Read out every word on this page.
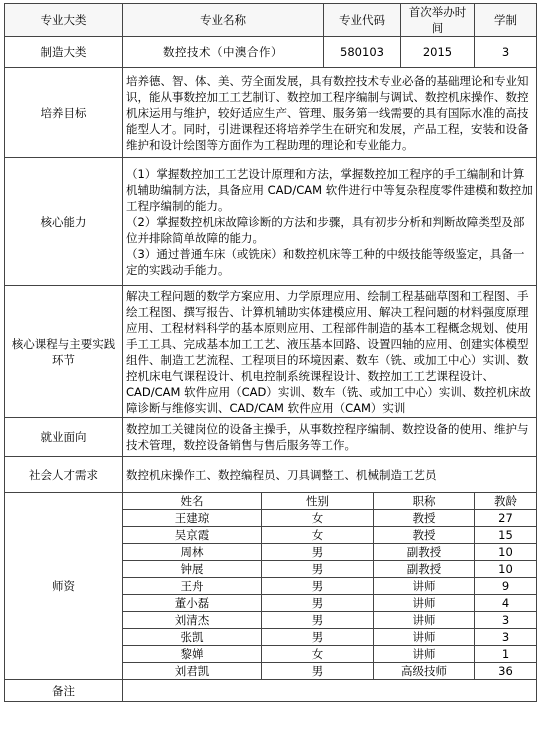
专业大类	专业名称		专业代码		首次举办时间	学制
制造大类	数控技术（中澳合作）		580103		2015	3
培养目标	培养德、智、体、美、劳全面发展，具有数控技术专业必备的基础理论和专业知识，能从事数控加工工艺制订、数控加工程序编制与调试、数控机床操作、数控机床运用与维护，较好适应生产、管理、服务第一线需要的具有国际水准的高技能型人才。同时，引进课程还将培养学生在研究和发展，产品工程，安装和设备维护和设计绘图等方面作为工程助理的理论和专业能力。					
核心能力	（1）掌握数控加工工艺设计原理和方法，掌握数控加工程序的手工编制和计算机辅助编制方法，具备应用 CAD/CAM 软件进行中等复杂程度零件建模和数控加工程序编制的能力。

（2）掌握数控机床故障诊断的方法和步骤，具有初步分析和判断故障类型及部位并排除简单故障的能力。

（3）通过普通车床（或铣床）和数控机床等工种的中级技能等级鉴定，具备一定的实践动手能力。					

核心课程与主要实践环节	解决工程问题的数学方案应用、力学原理应用、绘制工程基础草图和工程图、手绘工程图、撰写报告、计算机辅助实体建模应用、解决工程问题的材料强度原理应用、工程材料科学的基本原则应用、工程部件制造的基本工程概念规划、使用手工工具、完成基本加工工艺、液压基本回路、设置四轴的应用、创建实体模型组件、制造工艺流程、工程项目的环境因素、数车（铣、或加工中心）实训、数控机床电气课程设计、机电控制系统课程设计、数控加工工艺课程设计、CAD/CAM 软件应用（CAD）实训、数车（铣、或加工中心）实训、数控机床故障诊断与维修实训、CAD/CAM 软件应用（CAM）实训					
就业面向	数控加工关键岗位的设备主操手，从事数控程序编制、数控设备的使用、维护与技术管理，数控设备销售与售后服务等工作。					
社会人才需求	数控机床操作工、数控编程员、刀具调整工、机械制造工艺员					
师资	姓名	性别		职称		教龄
	王建琼	女		教授		27
	吴京霞	女		教授		15
	周林	男		副教授		10
	钟展	男		副教授		10
	王舟	男		讲师		9
	董小磊	男		讲师		4
	刘清杰	男		讲师		3
	张凯	男		讲师		3
	黎婵	女		讲师		1
	刘君凯	男		高级技师		36
备注						
